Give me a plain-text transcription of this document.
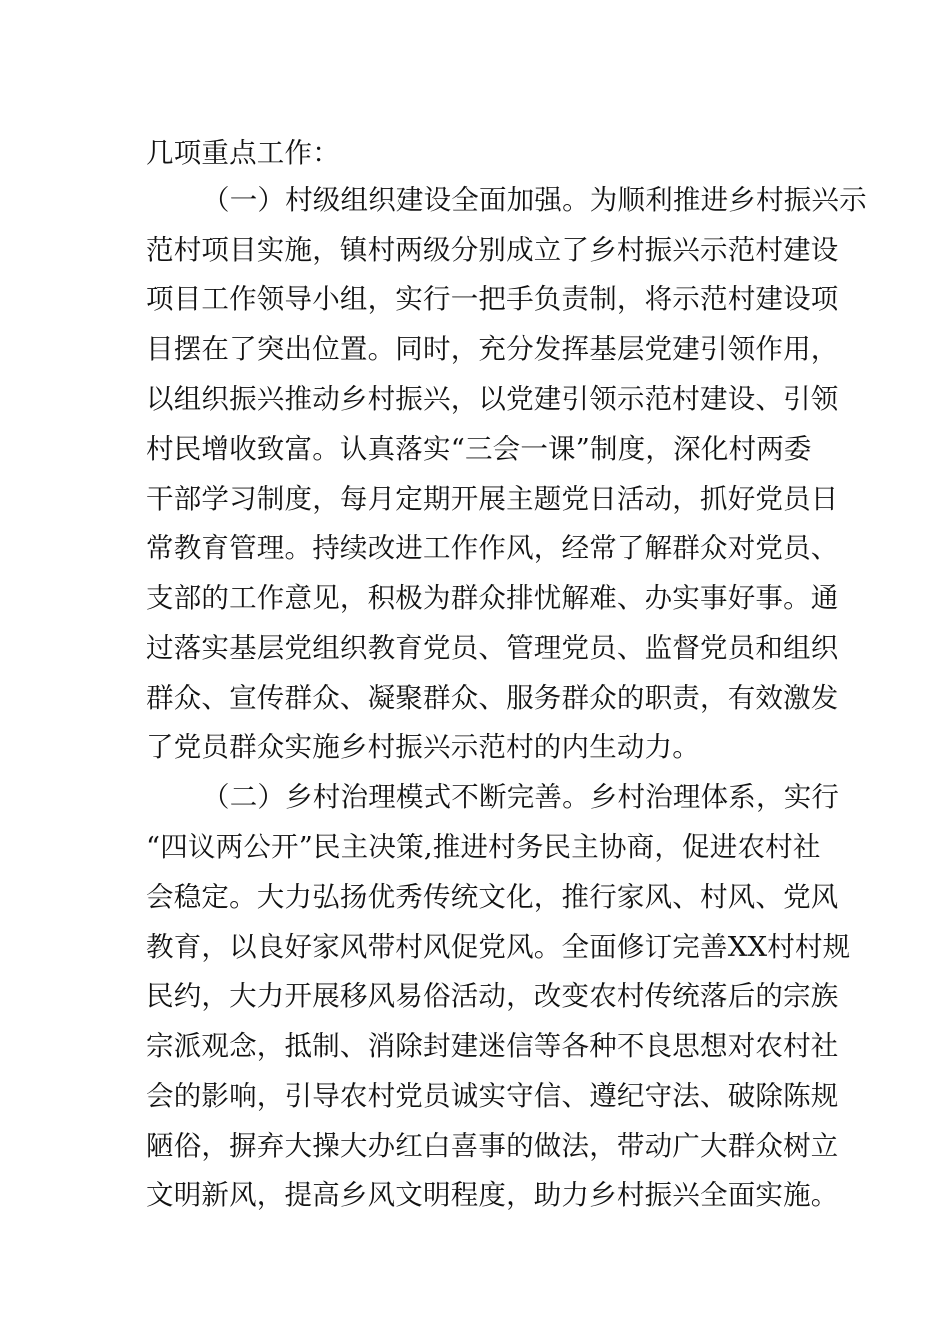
几项重点工作：
（一）村级组织建设全面加强。为顺利推进乡村振兴示
范村项目实施，镇村两级分别成立了乡村振兴示范村建设
项目工作领导小组，实行一把手负责制，将示范村建设项
目摆在了突出位置。同时，充分发挥基层党建引领作用，
以组织振兴推动乡村振兴，以党建引领示范村建设、引领
村民增收致富。认真落实“三会一课”制度，深化村两委
干部学习制度，每月定期开展主题党日活动，抓好党员日
常教育管理。持续改进工作作风，经常了解群众对党员、
支部的工作意见，积极为群众排忧解难、办实事好事。通
过落实基层党组织教育党员、管理党员、监督党员和组织
群众、宣传群众、凝聚群众、服务群众的职责，有效激发
了党员群众实施乡村振兴示范村的内生动力。
（二）乡村治理模式不断完善。乡村治理体系，实行
“四议两公开”民主决策,推进村务民主协商，促进农村社
会稳定。大力弘扬优秀传统文化，推行家风、村风、党风
教育，以良好家风带村风促党风。全面修订完善XX村村规
民约，大力开展移风易俗活动，改变农村传统落后的宗族
宗派观念，抵制、消除封建迷信等各种不良思想对农村社
会的影响，引导农村党员诚实守信、遵纪守法、破除陈规
陋俗，摒弃大操大办红白喜事的做法，带动广大群众树立
文明新风，提高乡风文明程度，助力乡村振兴全面实施。
